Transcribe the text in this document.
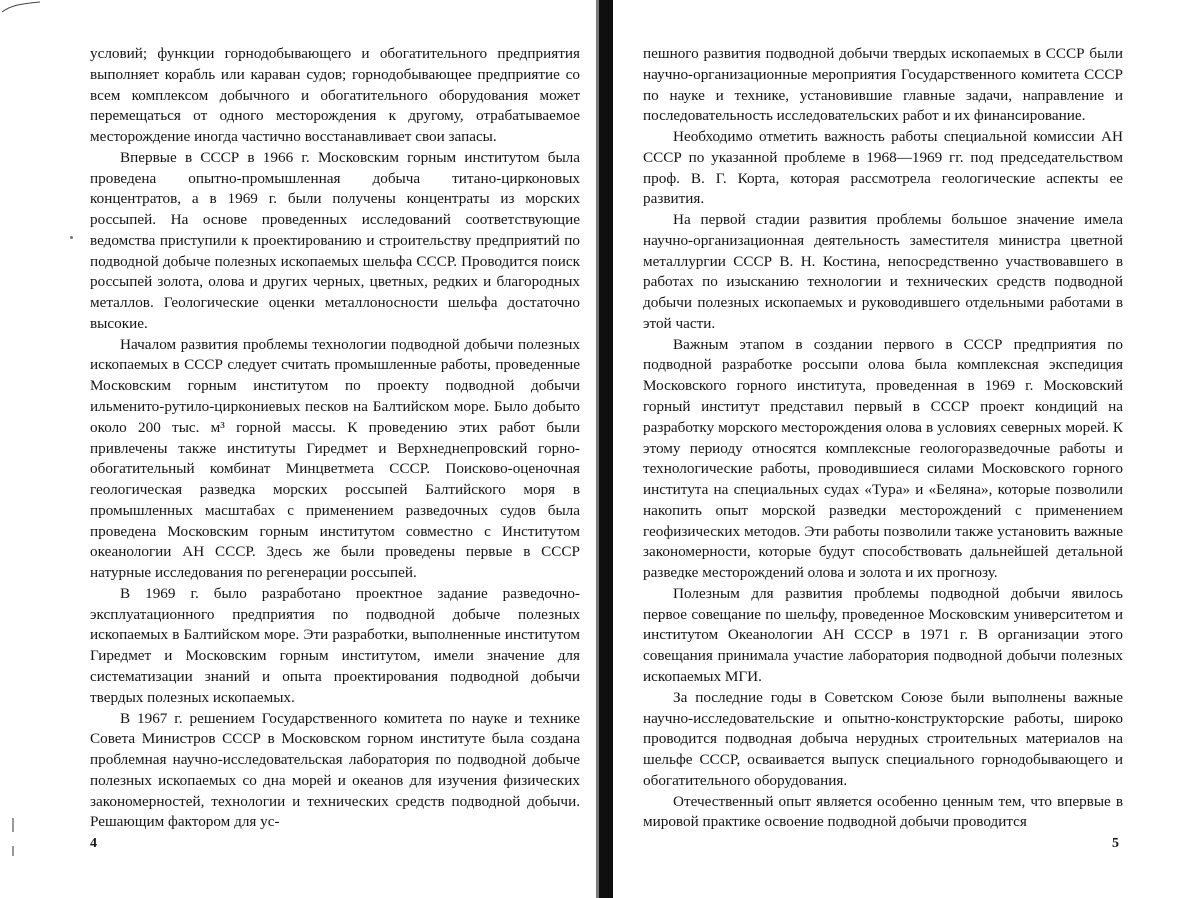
условий; функции горнодобывающего и обогатительного предприятия выполняет корабль или караван судов; горнодобывающее предприятие со всем комплексом добычного и обогатительного оборудования может перемещаться от одного месторождения к другому, отрабатываемое месторождение иногда частично восстанавливает свои запасы.

Впервые в СССР в 1966 г. Московским горным институтом была проведена опытно-промышленная добыча титано-цирконовых концентратов, а в 1969 г. были получены концентраты из морских россыпей. На основе проведенных исследований соответствующие ведомства приступили к проектированию и строительству предприятий по подводной добыче полезных ископаемых шельфа СССР. Проводится поиск россыпей золота, олова и других черных, цветных, редких и благородных металлов. Геологические оценки металлоносности шельфа достаточно высокие.

Началом развития проблемы технологии подводной добычи полезных ископаемых в СССР следует считать промышленные работы, проведенные Московским горным институтом по проекту подводной добычи ильменито-рутило-циркониевых песков на Балтийском море. Было добыто около 200 тыс. м³ горной массы. К проведению этих работ были привлечены также институты Гиредмет и Верхнеднепровский горно-обогатительный комбинат Минцветмета СССР. Поисково-оценочная геологическая разведка морских россыпей Балтийского моря в промышленных масштабах с применением разведочных судов была проведена Московским горным институтом совместно с Институтом океанологии АН СССР. Здесь же были проведены первые в СССР натурные исследования по регенерации россыпей.

В 1969 г. было разработано проектное задание разведочно-эксплуатационного предприятия по подводной добыче полезных ископаемых в Балтийском море. Эти разработки, выполненные институтом Гиредмет и Московским горным институтом, имели значение для систематизации знаний и опыта проектирования подводной добычи твердых полезных ископаемых.

В 1967 г. решением Государственного комитета по науке и технике Совета Министров СССР в Московском горном институте была создана проблемная научно-исследовательская лаборатория по подводной добыче полезных ископаемых со дна морей и океанов для изучения физических закономерностей, технологии и технических средств подводной добычи. Решающим фактором для ус-

4

пешного развития подводной добычи твердых ископаемых в СССР были научно-организационные мероприятия Государственного комитета СССР по науке и технике, установившие главные задачи, направление и последовательность исследовательских работ и их финансирование.

Необходимо отметить важность работы специальной комиссии АН СССР по указанной проблеме в 1968—1969 гг. под председательством проф. В. Г. Корта, которая рассмотрела геологические аспекты ее развития.

На первой стадии развития проблемы большое значение имела научно-организационная деятельность заместителя министра цветной металлургии СССР В. Н. Костина, непосредственно участвовавшего в работах по изысканию технологии и технических средств подводной добычи полезных ископаемых и руководившего отдельными работами в этой части.

Важным этапом в создании первого в СССР предприятия по подводной разработке россыпи олова была комплексная экспедиция Московского горного института, проведенная в 1969 г. Московский горный институт представил первый в СССР проект кондиций на разработку морского месторождения олова в условиях северных морей. К этому периоду относятся комплексные геологоразведочные работы и технологические работы, проводившиеся силами Московского горного института на специальных судах «Тура» и «Беляна», которые позволили накопить опыт морской разведки месторождений с применением геофизических методов. Эти работы позволили также установить важные закономерности, которые будут способствовать дальнейшей детальной разведке месторождений олова и золота и их прогнозу.

Полезным для развития проблемы подводной добычи явилось первое совещание по шельфу, проведенное Московским университетом и институтом Океанологии АН СССР в 1971 г. В организации этого совещания принимала участие лаборатория подводной добычи полезных ископаемых МГИ.

За последние годы в Советском Союзе были выполнены важные научно-исследовательские и опытно-конструкторские работы, широко проводится подводная добыча нерудных строительных материалов на шельфе СССР, осваивается выпуск специального горнодобывающего и обогатительного оборудования.

Отечественный опыт является особенно ценным тем, что впервые в мировой практике освоение подводной добычи проводится

5
